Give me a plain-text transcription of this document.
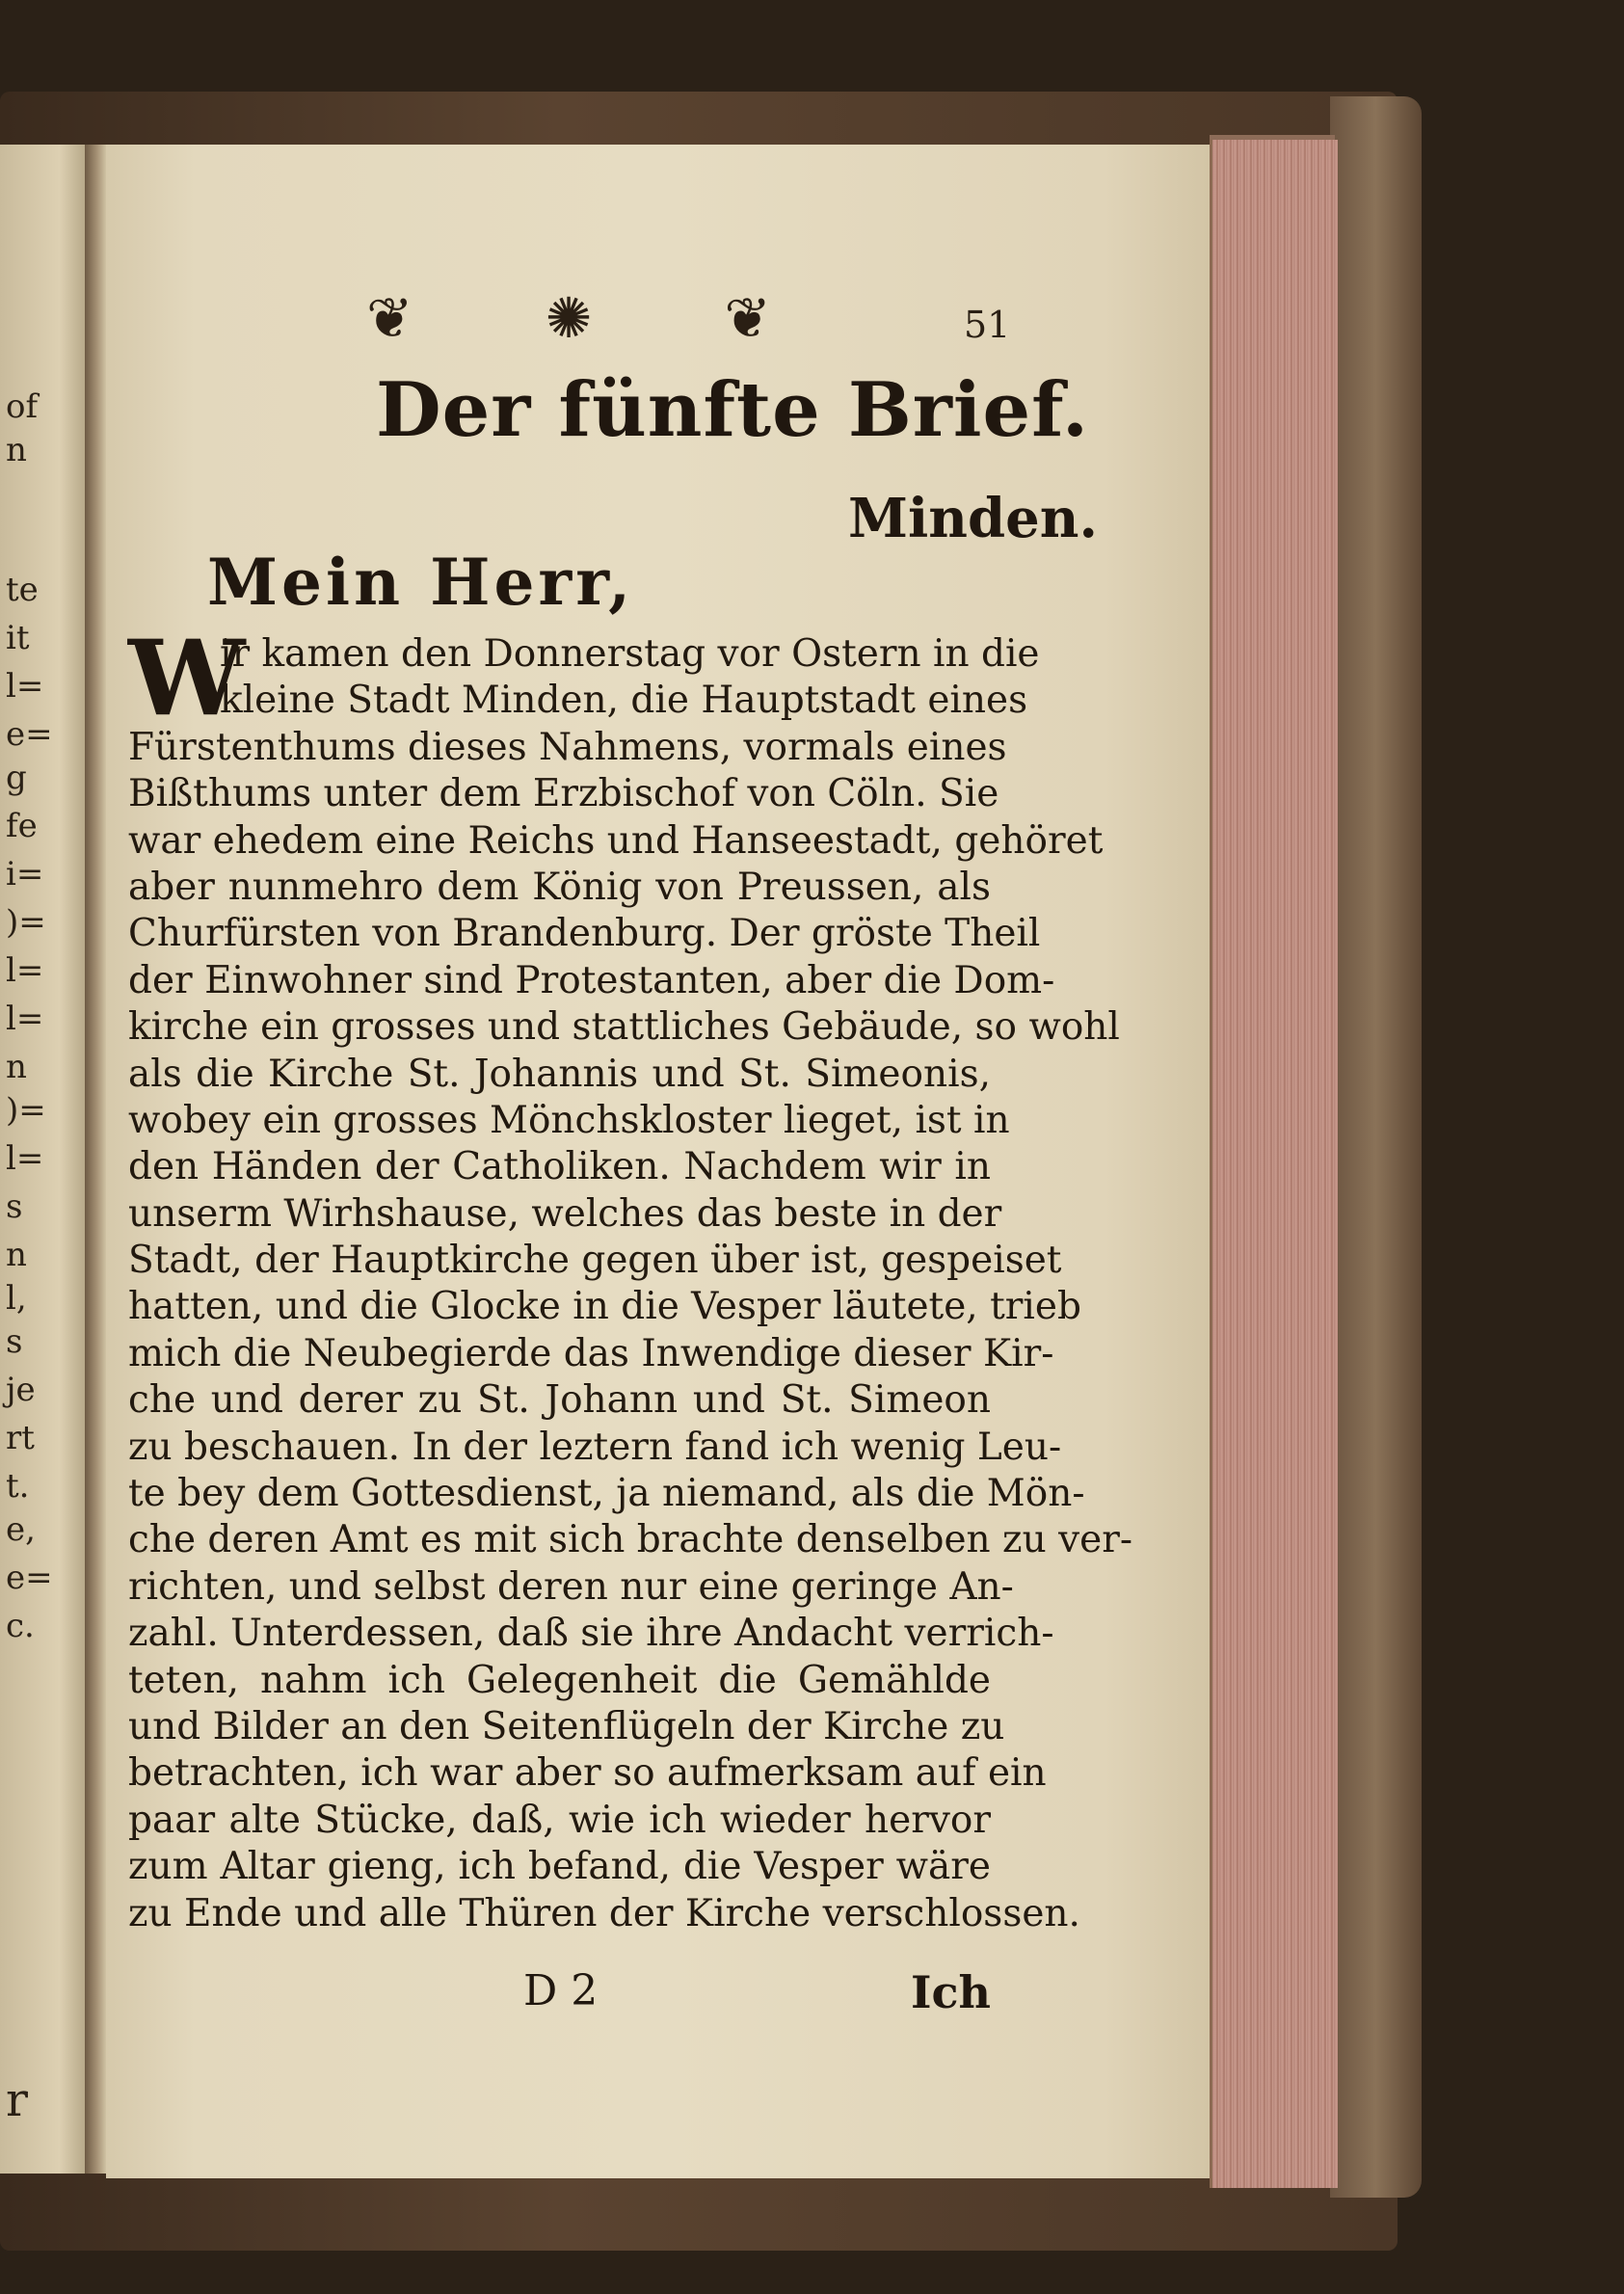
of
n
te
it
l=
e=
g
fe
i=
)=
l=
l=
n
)=
l=
s
n
l,
s
je
rt
t.
e,
e=
c.
r
❦ ✺ ❦	51
Der fünfte Brief.
Minden.
Mein Herr,
W
ir kamen den Donnerstag vor Ostern in die
kleine Stadt Minden, die Hauptstadt eines
Fürstenthums dieses Nahmens, vormals eines
Bißthums unter dem Erzbischof von Cöln. Sie
war ehedem eine Reichs und Hanseestadt, gehöret
aber nunmehro dem König von Preussen, als
Churfürsten von Brandenburg. Der gröste Theil
der Einwohner sind Protestanten, aber die Dom-
kirche ein grosses und stattliches Gebäude, so wohl
als die Kirche St. Johannis und St. Simeonis,
wobey ein grosses Mönchskloster lieget, ist in
den Händen der Catholiken. Nachdem wir in
unserm Wirhshause, welches das beste in der
Stadt, der Hauptkirche gegen über ist, gespeiset
hatten, und die Glocke in die Vesper läutete, trieb
mich die Neubegierde das Inwendige dieser Kir-
che und derer zu St. Johann und St. Simeon
zu beschauen. In der leztern fand ich wenig Leu-
te bey dem Gottesdienst, ja niemand, als die Mön-
che deren Amt es mit sich brachte denselben zu ver-
richten, und selbst deren nur eine geringe An-
zahl. Unterdessen, daß sie ihre Andacht verrich-
teten, nahm ich Gelegenheit die Gemählde
und Bilder an den Seitenflügeln der Kirche zu
betrachten, ich war aber so aufmerksam auf ein
paar alte Stücke, daß, wie ich wieder hervor
zum Altar gieng, ich befand, die Vesper wäre
zu Ende und alle Thüren der Kirche verschlossen.
D 2	Ich
